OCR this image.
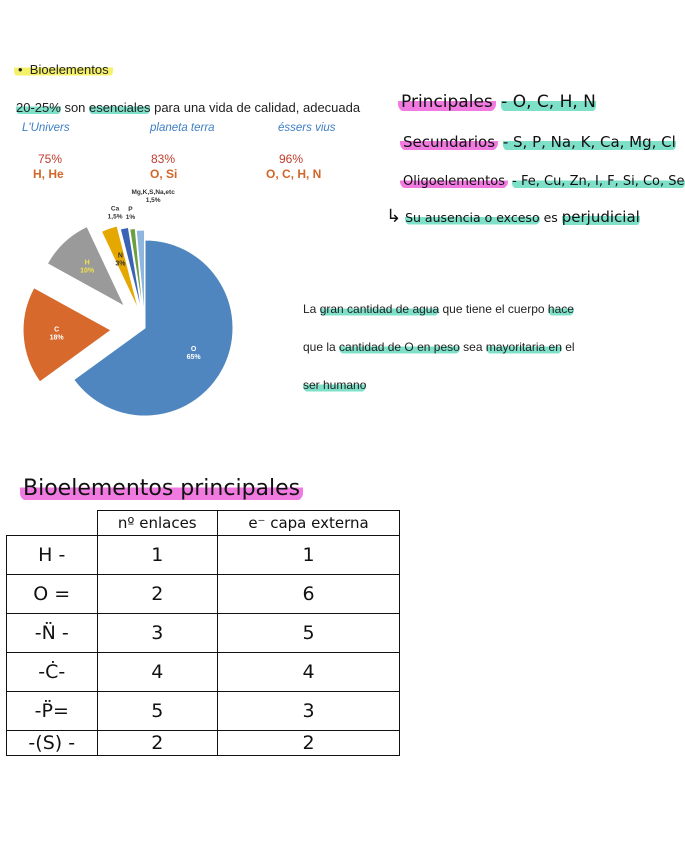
• Bioelementos
20-25% son esenciales para una vida de calidad, adecuada
L'Univers	planeta terra	éssers vius
75%	83%	96%
H, He	O, Si	O, C, H, N
Principales - O, C, H, N
Secundarios - S, P, Na, K, Ca, Mg, Cl
Oligoelementos - Fe, Cu, Zn, I, F, Si, Co, Se
↳ Su ausencia o exceso es perjudicial
O
65%
C
18%
H
10%
N
3%
Ca
1,5%
P
1%
Mg,K,S,Na,etc
1,5%
La gran cantidad de agua que tiene el cuerpo hace
que la cantidad de O en peso sea mayoritaria en el
ser humano
Bioelementos principales
	nº enlaces	e⁻ capa externa
H -	1	1
O =	2	6
-N̈ -	3	5
-Ċ-	4	4
-P̈=	5	3
-(S) -	2	2
